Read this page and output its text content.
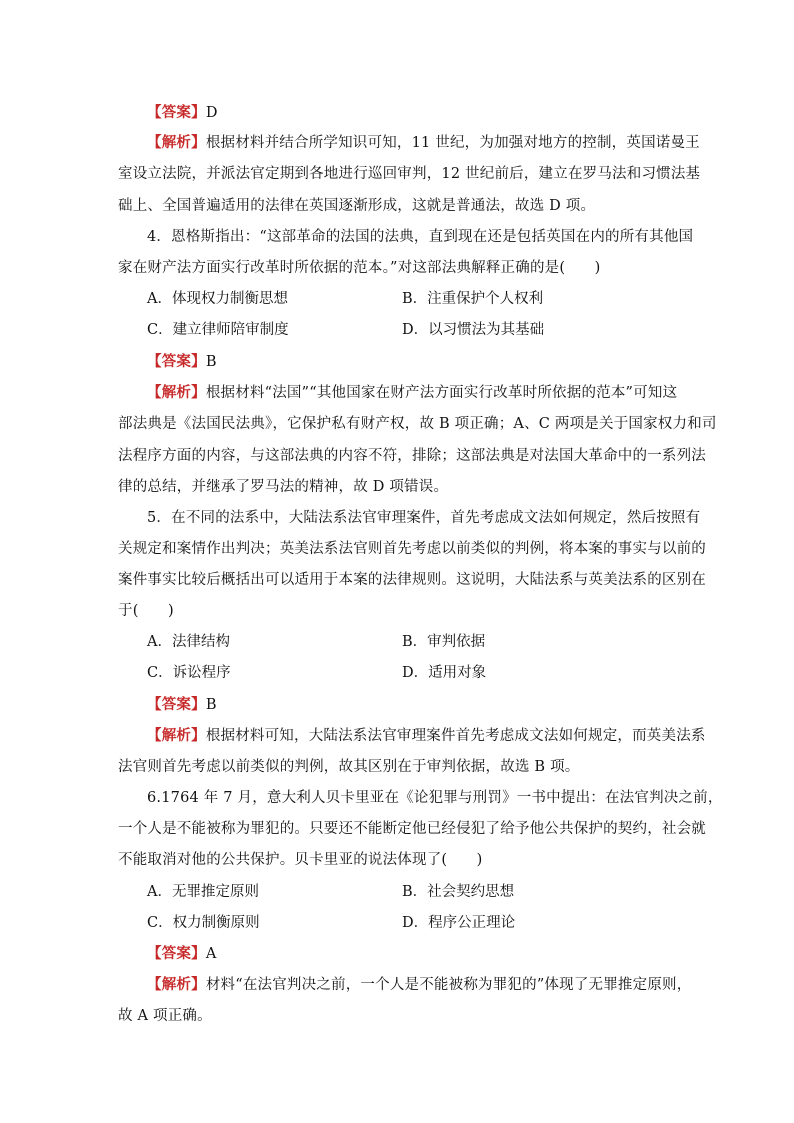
【答案】D
【解析】根据材料并结合所学知识可知，11 世纪，为加强对地方的控制，英国诺曼王
室设立法院，并派法官定期到各地进行巡回审判，12 世纪前后，建立在罗马法和习惯法基
础上、全国普遍适用的法律在英国逐渐形成，这就是普通法，故选 D 项。
4．恩格斯指出：“这部革命的法国的法典，直到现在还是包括英国在内的所有其他国
家在财产法方面实行改革时所依据的范本。”对这部法典解释正确的是(　　)
A．体现权力制衡思想	B．注重保护个人权利
C．建立律师陪审制度	D．以习惯法为其基础
【答案】B
【解析】根据材料“法国”“其他国家在财产法方面实行改革时所依据的范本”可知这
部法典是《法国民法典》，它保护私有财产权，故 B 项正确；A、C 两项是关于国家权力和司
法程序方面的内容，与这部法典的内容不符，排除；这部法典是对法国大革命中的一系列法
律的总结，并继承了罗马法的精神，故 D 项错误。
5．在不同的法系中，大陆法系法官审理案件，首先考虑成文法如何规定，然后按照有
关规定和案情作出判决；英美法系法官则首先考虑以前类似的判例，将本案的事实与以前的
案件事实比较后概括出可以适用于本案的法律规则。这说明，大陆法系与英美法系的区别在
于(　　)
A．法律结构	B．审判依据
C．诉讼程序	D．适用对象
【答案】B
【解析】根据材料可知，大陆法系法官审理案件首先考虑成文法如何规定，而英美法系
法官则首先考虑以前类似的判例，故其区别在于审判依据，故选 B 项。
6.1764 年 7 月，意大利人贝卡里亚在《论犯罪与刑罚》一书中提出：在法官判决之前，
一个人是不能被称为罪犯的。只要还不能断定他已经侵犯了给予他公共保护的契约，社会就
不能取消对他的公共保护。贝卡里亚的说法体现了(　　)
A．无罪推定原则	B．社会契约思想
C．权力制衡原则	D．程序公正理论
【答案】A
【解析】材料“在法官判决之前，一个人是不能被称为罪犯的”体现了无罪推定原则，
故 A 项正确。
